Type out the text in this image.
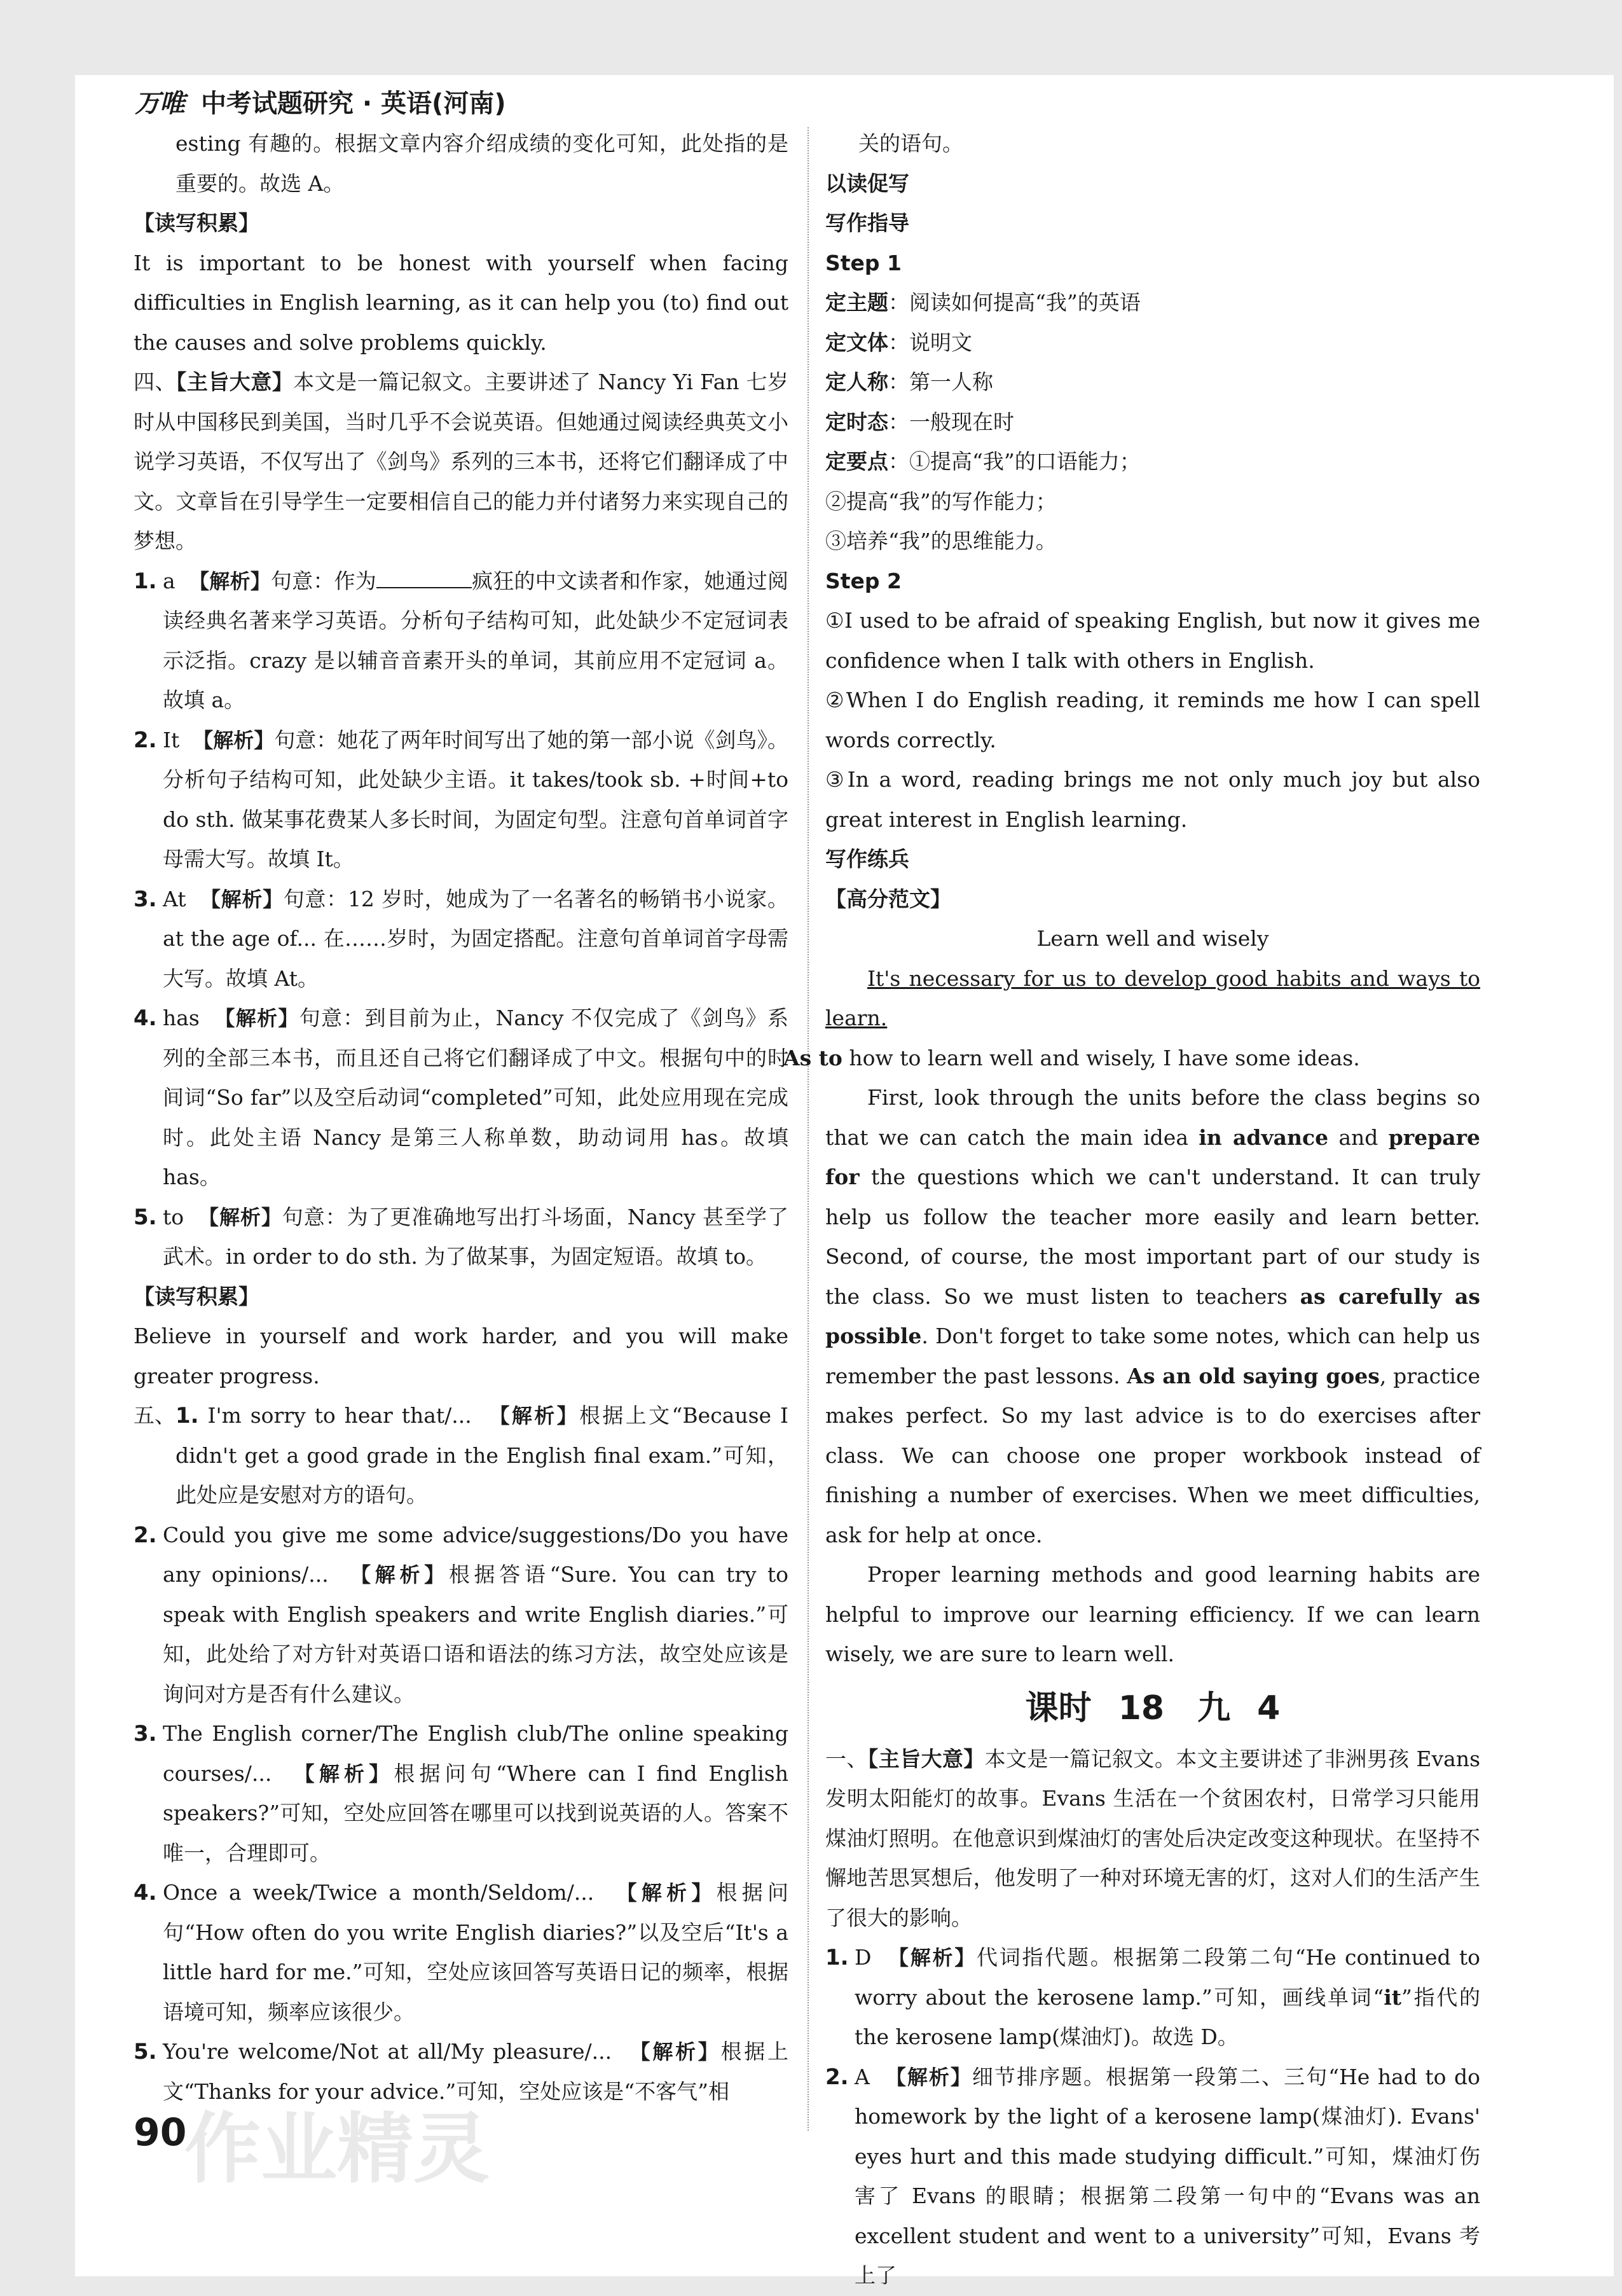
万唯 中考试题研究 · 英语(河南)
esting 有趣的。根据文章内容介绍成绩的变化可知，此处指的是重要的。故选 A。
【读写积累】
It is important to be honest with yourself when facing difficulties in English learning, as it can help you (to) find out the causes and solve problems quickly.
四、【主旨大意】本文是一篇记叙文。主要讲述了 Nancy Yi Fan 七岁时从中国移民到美国，当时几乎不会说英语。但她通过阅读经典英文小说学习英语，不仅写出了《剑鸟》系列的三本书，还将它们翻译成了中文。文章旨在引导学生一定要相信自己的能力并付诸努力来实现自己的梦想。
1. a 【解析】句意：作为	疯狂的中文读者和作家，她通过阅读经典名著来学习英语。分析句子结构可知，此处缺少不定冠词表示泛指。crazy 是以辅音音素开头的单词，其前应用不定冠词 a。故填 a。
2. It 【解析】句意：她花了两年时间写出了她的第一部小说《剑鸟》。分析句子结构可知，此处缺少主语。it takes/took sb. +时间+to do sth. 做某事花费某人多长时间，为固定句型。注意句首单词首字母需大写。故填 It。
3. At 【解析】句意：12 岁时，她成为了一名著名的畅销书小说家。at the age of... 在……岁时，为固定搭配。注意句首单词首字母需大写。故填 At。
4. has 【解析】句意：到目前为止，Nancy 不仅完成了《剑鸟》系列的全部三本书，而且还自己将它们翻译成了中文。根据句中的时间词“So far”以及空后动词“completed”可知，此处应用现在完成时。此处主语 Nancy 是第三人称单数，助动词用 has。故填 has。
5. to 【解析】句意：为了更准确地写出打斗场面，Nancy 甚至学了武术。in order to do sth. 为了做某事，为固定短语。故填 to。
【读写积累】
Believe in yourself and work harder, and you will make greater progress.
五、 1. I'm sorry to hear that/... 【解析】根据上文“Because I didn't get a good grade in the English final exam.”可知，此处应是安慰对方的语句。
2. Could you give me some advice/suggestions/Do you have any opinions/... 【解析】根据答语“Sure. You can try to speak with English speakers and write English diaries.”可知，此处给了对方针对英语口语和语法的练习方法，故空处应该是询问对方是否有什么建议。
3. The English corner/The English club/The online speaking courses/... 【解析】根据问句“Where can I find English speakers?”可知，空处应回答在哪里可以找到说英语的人。答案不唯一，合理即可。
4. Once a week/Twice a month/Seldom/... 【解析】根据问句“How often do you write English diaries?”以及空后“It's a little hard for me.”可知，空处应该回答写英语日记的频率，根据语境可知，频率应该很少。
5. You're welcome/Not at all/My pleasure/... 【解析】根据上文“Thanks for your advice.”可知，空处应该是“不客气”相
关的语句。
以读促写
写作指导
Step 1
定主题：阅读如何提高“我”的英语
定文体：说明文
定人称：第一人称
定时态：一般现在时
定要点：①提高“我”的口语能力；
②提高“我”的写作能力；
③培养“我”的思维能力。
Step 2
①I used to be afraid of speaking English, but now it gives me confidence when I talk with others in English.
②When I do English reading, it reminds me how I can spell words correctly.
③In a word, reading brings me not only much joy but also great interest in English learning.
写作练兵
【高分范文】
Learn well and wisely
It's necessary for us to develop good habits and ways to learn.
As to how to learn well and wisely, I have some ideas.
First, look through the units before the class begins so that we can catch the main idea in advance and prepare for the questions which we can't understand. It can truly help us follow the teacher more easily and learn better. Second, of course, the most important part of our study is the class. So we must listen to teachers as carefully as possible. Don't forget to take some notes, which can help us remember the past lessons. As an old saying goes, practice makes perfect. So my last advice is to do exercises after class. We can choose one proper workbook instead of finishing a number of exercises. When we meet difficulties, ask for help at once.
Proper learning methods and good learning habits are helpful to improve our learning efficiency. If we can learn wisely, we are sure to learn well.
课时 18　九 4
一、【主旨大意】本文是一篇记叙文。本文主要讲述了非洲男孩 Evans 发明太阳能灯的故事。Evans 生活在一个贫困农村，日常学习只能用煤油灯照明。在他意识到煤油灯的害处后决定改变这种现状。在坚持不懈地苦思冥想后，他发明了一种对环境无害的灯，这对人们的生活产生了很大的影响。
1. D 【解析】代词指代题。根据第二段第二句“He continued to worry about the kerosene lamp.”可知，画线单词“it”指代的 the kerosene lamp(煤油灯)。故选 D。
2. A 【解析】细节排序题。根据第一段第二、三句“He had to do homework by the light of a kerosene lamp(煤油灯). Evans' eyes hurt and this made studying difficult.”可知，煤油灯伤害了 Evans 的眼睛；根据第二段第一句中的“Evans was an excellent student and went to a university”可知，Evans 考上了
90
